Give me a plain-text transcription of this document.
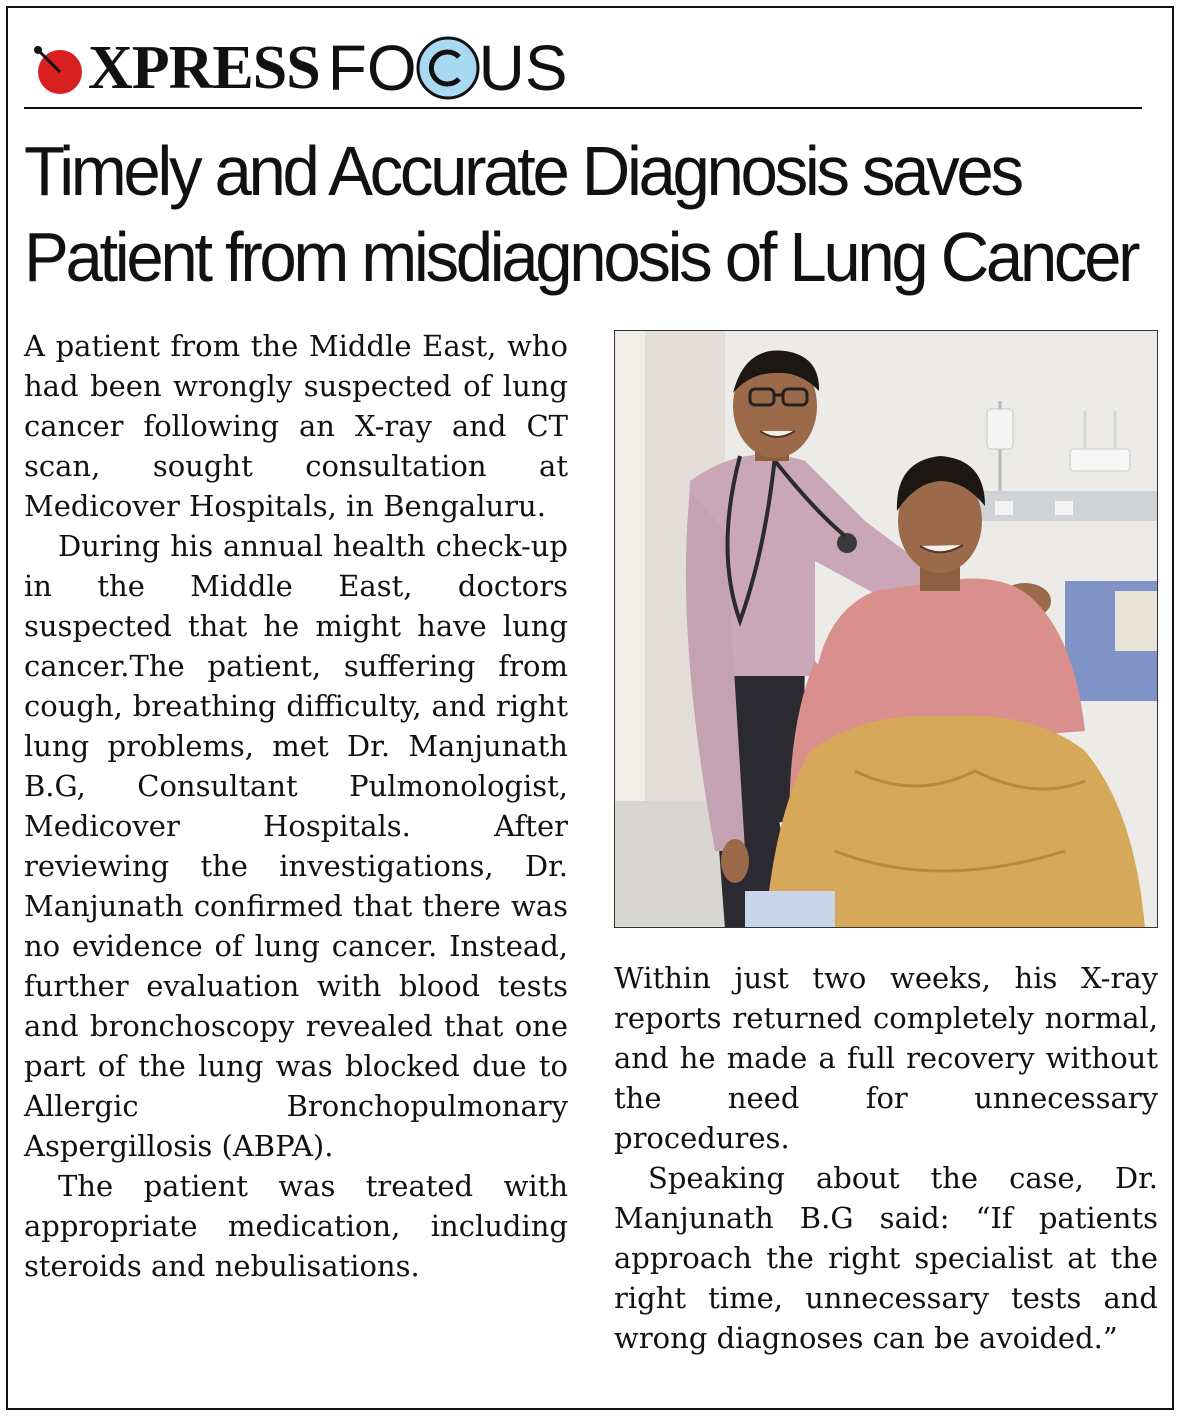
XPRESS FO US
Timely and Accurate Diagnosis saves
Patient from misdiagnosis of Lung Cancer

A patient from the Middle East, who had been wrongly suspected of lung cancer following an X-ray and CT scan, sought consultation at Medicover Hospitals, in Bengaluru.

During his annual health check-up in the Middle East, doctors suspected that he might have lung cancer.The patient, suffering from cough, breathing difficulty, and right lung problems, met Dr. Manjunath B.G, Consultant Pulmonologist, Medicover Hospitals. After reviewing the investigations, Dr. Manjunath confirmed that there was no evidence of lung cancer. Instead, further evaluation with blood tests and bronchoscopy revealed that one part of the lung was blocked due to Allergic Bronchopulmonary Aspergillosis (ABPA).

The patient was treated with appropriate medication, including steroids and nebulisations.

Within just two weeks, his X-ray reports returned completely normal, and he made a full recovery without the need for unnecessary procedures.

Speaking about the case, Dr. Manjunath B.G said: “If patients approach the right specialist at the right time, unnecessary tests and wrong diagnoses can be avoided.”
